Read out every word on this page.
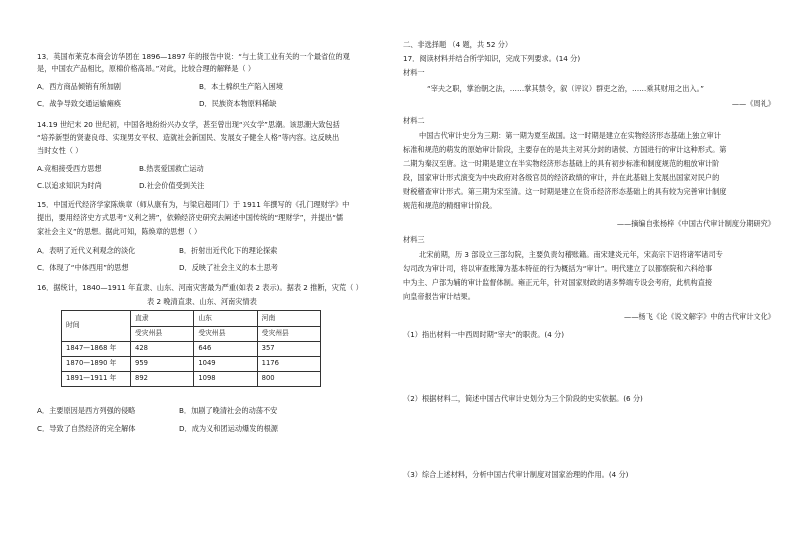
13．英国布莱克本商会访华团在 1896—1897 年的报告中说：“与土货工业有关的一个最省位的观
是，中国农产品相比，原棉价格高昂。”对此，比较合理的解释是（ ）
A．西方商品倾销有所加剧	B．本土棉织生产陷入困境
C．战争导致交通运输瘫痪	D．民族资本物原料稀缺
14.19 世纪末 20 世纪初，中国各地纷纷兴办女学，甚至曾出现“兴女学”思潮。该思潮大致包括
“培养新型的贤妻良母、实现男女平权、造就社会新国民、发展女子健全人格”等内容。这反映出
当时女性（ ）
A.竞相接受西方思想	B.热衷爱国救亡运动
C.以追求知识为时尚	D.社会价值受到关注
15．中国近代经济学家陈焕章（师从康有为，与梁启超同门）于 1911 年撰写的《孔门理财学》中
提出，要用经济史方式思考“义利之辨”，依赖经济史研究去阐述中国传统的“理财学”，并提出“儒
家社会主义”的思想。据此可知，陈焕章的思想（ ）
A．表明了近代义利观念的淡化	B．折射出近代化下的理论探索
C．体现了“中体西用”的思想	D．反映了社会主义的本土思考
16．据统计，1840—1911 年直隶、山东、河南灾害最为严重(如表 2 表示)。据表 2 推断，灾荒（ ）
表 2 晚清直隶、山东、河南灾情表
时间	直隶	山东	河南
	受灾州县	受灾州县	受灾州县
1847—1868 年	428	646	357
1870—1890 年	959	1049	1176
1891—1911 年	892	1098	800
A．主要原因是西方列强的侵略	B．加剧了晚清社会的动荡不安
C．导致了自然经济的完全解体	D．成为义和团运动爆发的根源
二、非选择题 （4 题，共 52 分）
17．阅读材料并结合所学知识，完成下列要求。(14 分)
材料一
“宰夫之职，掌治朝之法，……掌其禁令，叙（评议）群吏之治，……乘其财用之出入。”
——《周礼》
材料二
中国古代审计史分为三期：第一期为夏至战国。这一时期是建立在实物经济形态基础上独立审计
标准和规范的萌发的原始审计阶段，主要存在的是共主对其分封的诸侯、方国进行的审计这种形式。第
二期为秦汉至唐。这一时期是建立在半实物经济形态基础上的具有初步标准和制度规范的粗放审计阶
段，国家审计形式演变为中央政府对各级官员的经济政绩的审计，并在此基础上发展出国家对民户的
财税稽查审计形式。第三期为宋至清。这一时期是建立在货币经济形态基础上的具有较为完善审计制度
规范和规范的精细审计阶段。
——摘编自张杨梓《中国古代审计制度分期研究》
材料三
北宋前期，历 3 部设立三部勾院，主要负责勾稽账籍。南宋建炎元年，宋高宗下诏将诸军诸司专
勾司改为审计司，将以审查账簿为基本特征的行为概括为“审计”。明代建立了以都察院和六科给事
中为主、户部为辅的审计监督体制。雍正元年，针对国家财政的诸多弊端专设会考府，此机构直接
向皇帝报告审计结果。
——杨飞《论《说文解字》中的古代审计文化》
（1）指出材料一中西周时期“宰夫”的职责。(4 分)
（2）根据材料二，简述中国古代审计史划分为三个阶段的史实依据。(6 分)
（3）综合上述材料，分析中国古代审计制度对国家治理的作用。(4 分)
